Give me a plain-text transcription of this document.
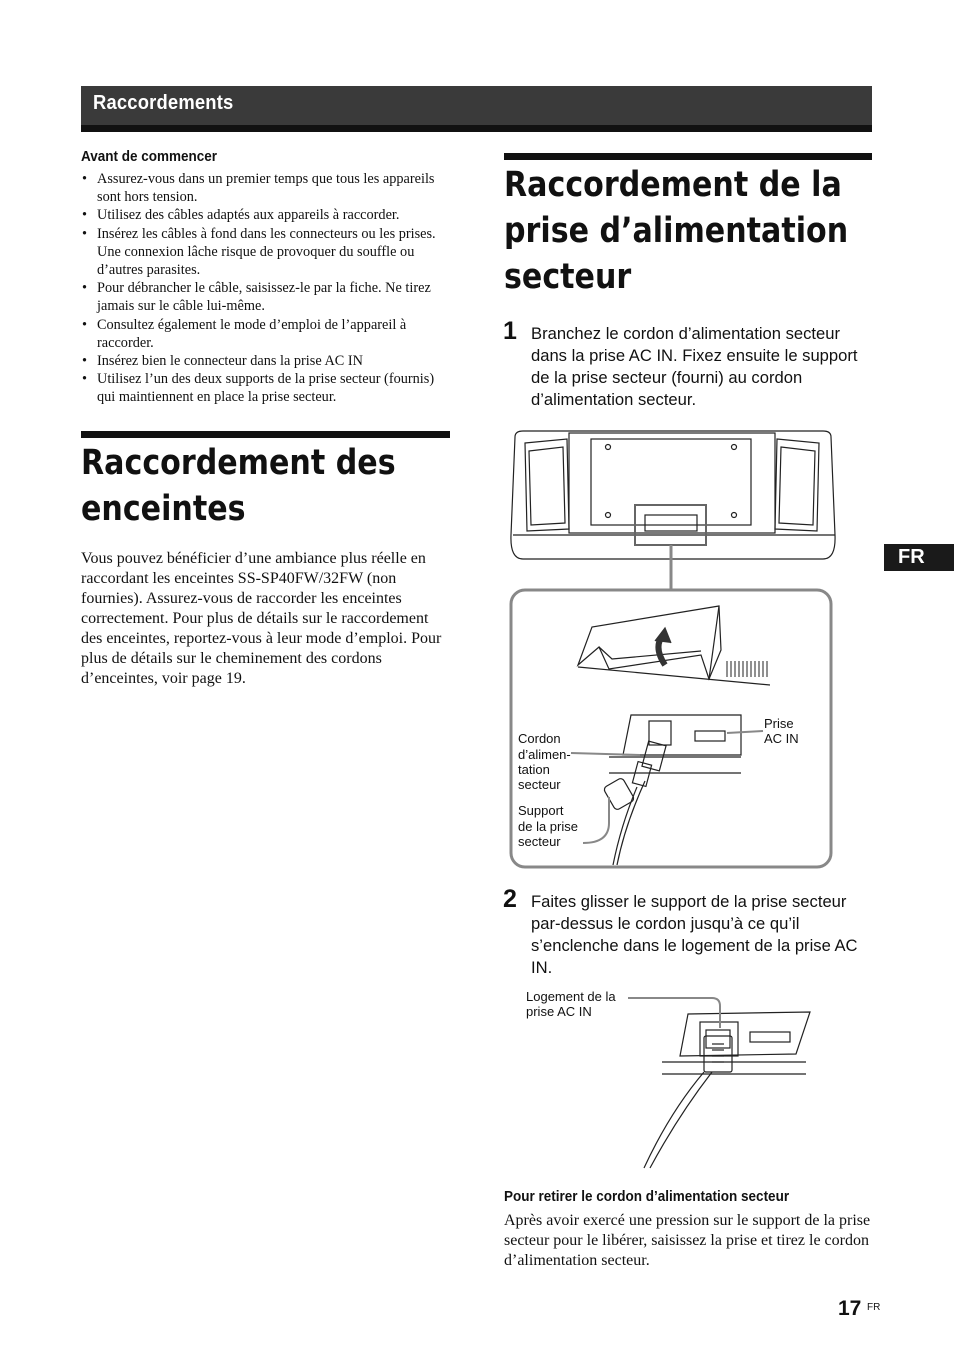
Raccordements
FR
Avant de commencer
• Assurez-vous dans un premier temps que tous les appareils sont hors tension.
• Utilisez des câbles adaptés aux appareils à raccorder.
• Insérez les câbles à fond dans les connecteurs ou les prises. Une connexion lâche risque de provoquer du souffle ou d’autres parasites.
• Pour débrancher le câble, saisissez-le par la fiche. Ne tirez jamais sur le câble lui-même.
• Consultez également le mode d’emploi de l’appareil à raccorder.
• Insérez bien le connecteur dans la prise AC IN
• Utilisez l’un des deux supports de la prise secteur (fournis) qui maintiennent en place la prise secteur.
Raccordement des
enceintes
Vous pouvez bénéficier d’une ambiance plus réelle en raccordant les enceintes SS-SP40FW/32FW (non fournies). Assurez-vous de raccorder les enceintes correctement. Pour plus de détails sur le raccordement des enceintes, reportez-vous à leur mode d’emploi. Pour plus de détails sur le cheminement des cordons d’enceintes, voir page 19.
Raccordement de la
prise d’alimentation
secteur
1 Branchez le cordon d’alimentation secteur dans la prise AC IN. Fixez ensuite le support de la prise secteur (fourni) au cordon d’alimentation secteur.
Cordon
d’alimen-
tation
secteur
Support
de la prise
secteur
Prise
AC IN
2 Faites glisser le support de la prise secteur par-dessus le cordon jusqu’à ce qu’il s’enclenche dans le logement de la prise AC IN.
Logement de la
prise AC IN
Pour retirer le cordon d’alimentation secteur
Après avoir exercé une pression sur le support de la prise secteur pour le libérer, saisissez la prise et tirez le cordon d’alimentation secteur.
17 FR
